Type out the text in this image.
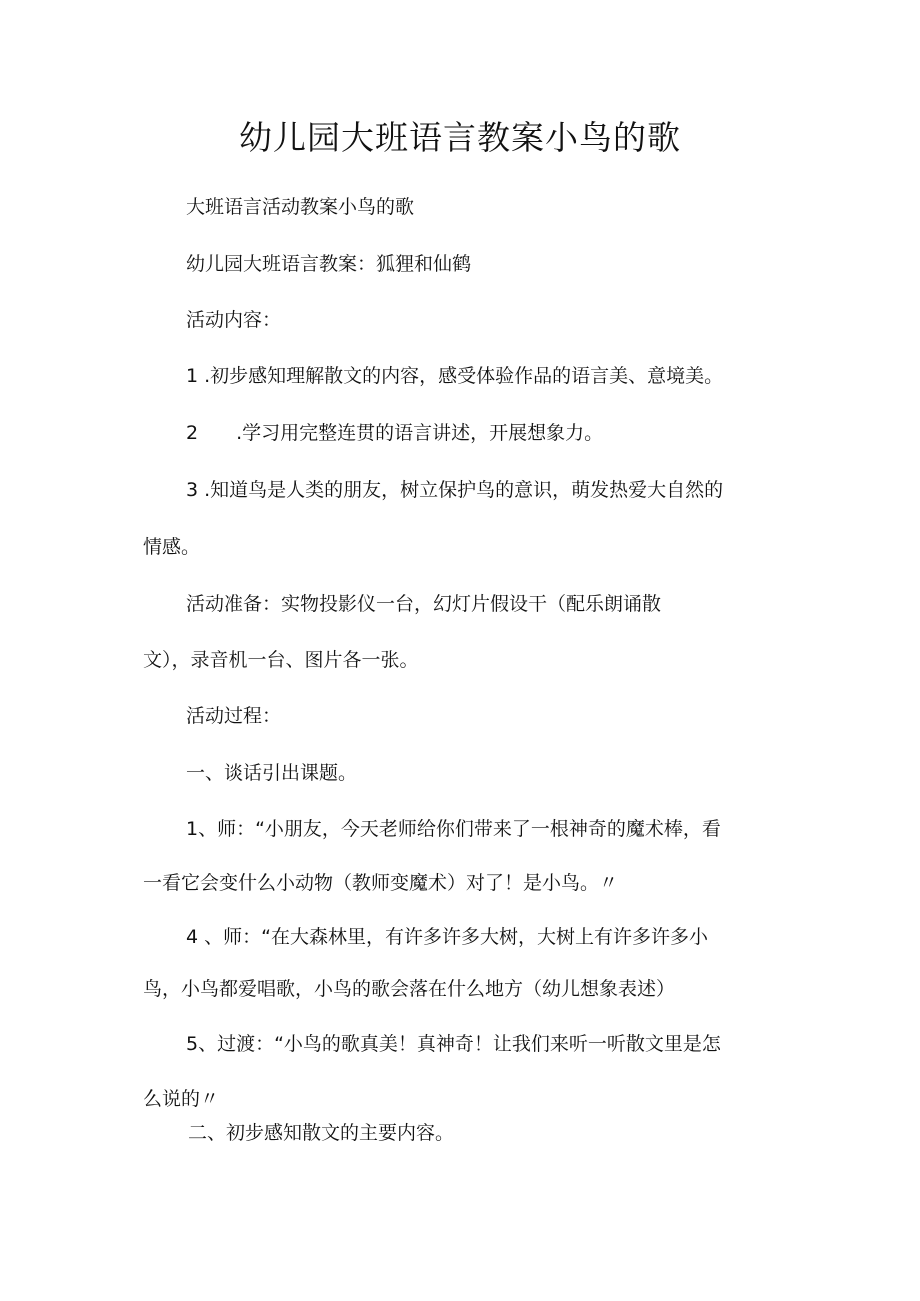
幼儿园大班语言教案小鸟的歌

大班语言活动教案小鸟的歌

幼儿园大班语言教案：狐狸和仙鹤

活动内容：

1 .初步感知理解散文的内容，感受体验作品的语言美、意境美。

2　　.学习用完整连贯的语言讲述，开展想象力。

3 .知道鸟是人类的朋友，树立保护鸟的意识，萌发热爱大自然的

情感。

活动准备：实物投影仪一台，幻灯片假设干（配乐朗诵散

文），录音机一台、图片各一张。

活动过程：

一、谈话引出课题。

1、师：“小朋友，今天老师给你们带来了一根神奇的魔术棒，看

一看它会变什么小动物（教师变魔术）对了！是小鸟。〃

4 、师：“在大森林里，有许多许多大树，大树上有许多许多小

鸟，小鸟都爱唱歌，小鸟的歌会落在什么地方（幼儿想象表述）

5、过渡：“小鸟的歌真美！真神奇！让我们来听一听散文里是怎

么说的〃

二、初步感知散文的主要内容。
